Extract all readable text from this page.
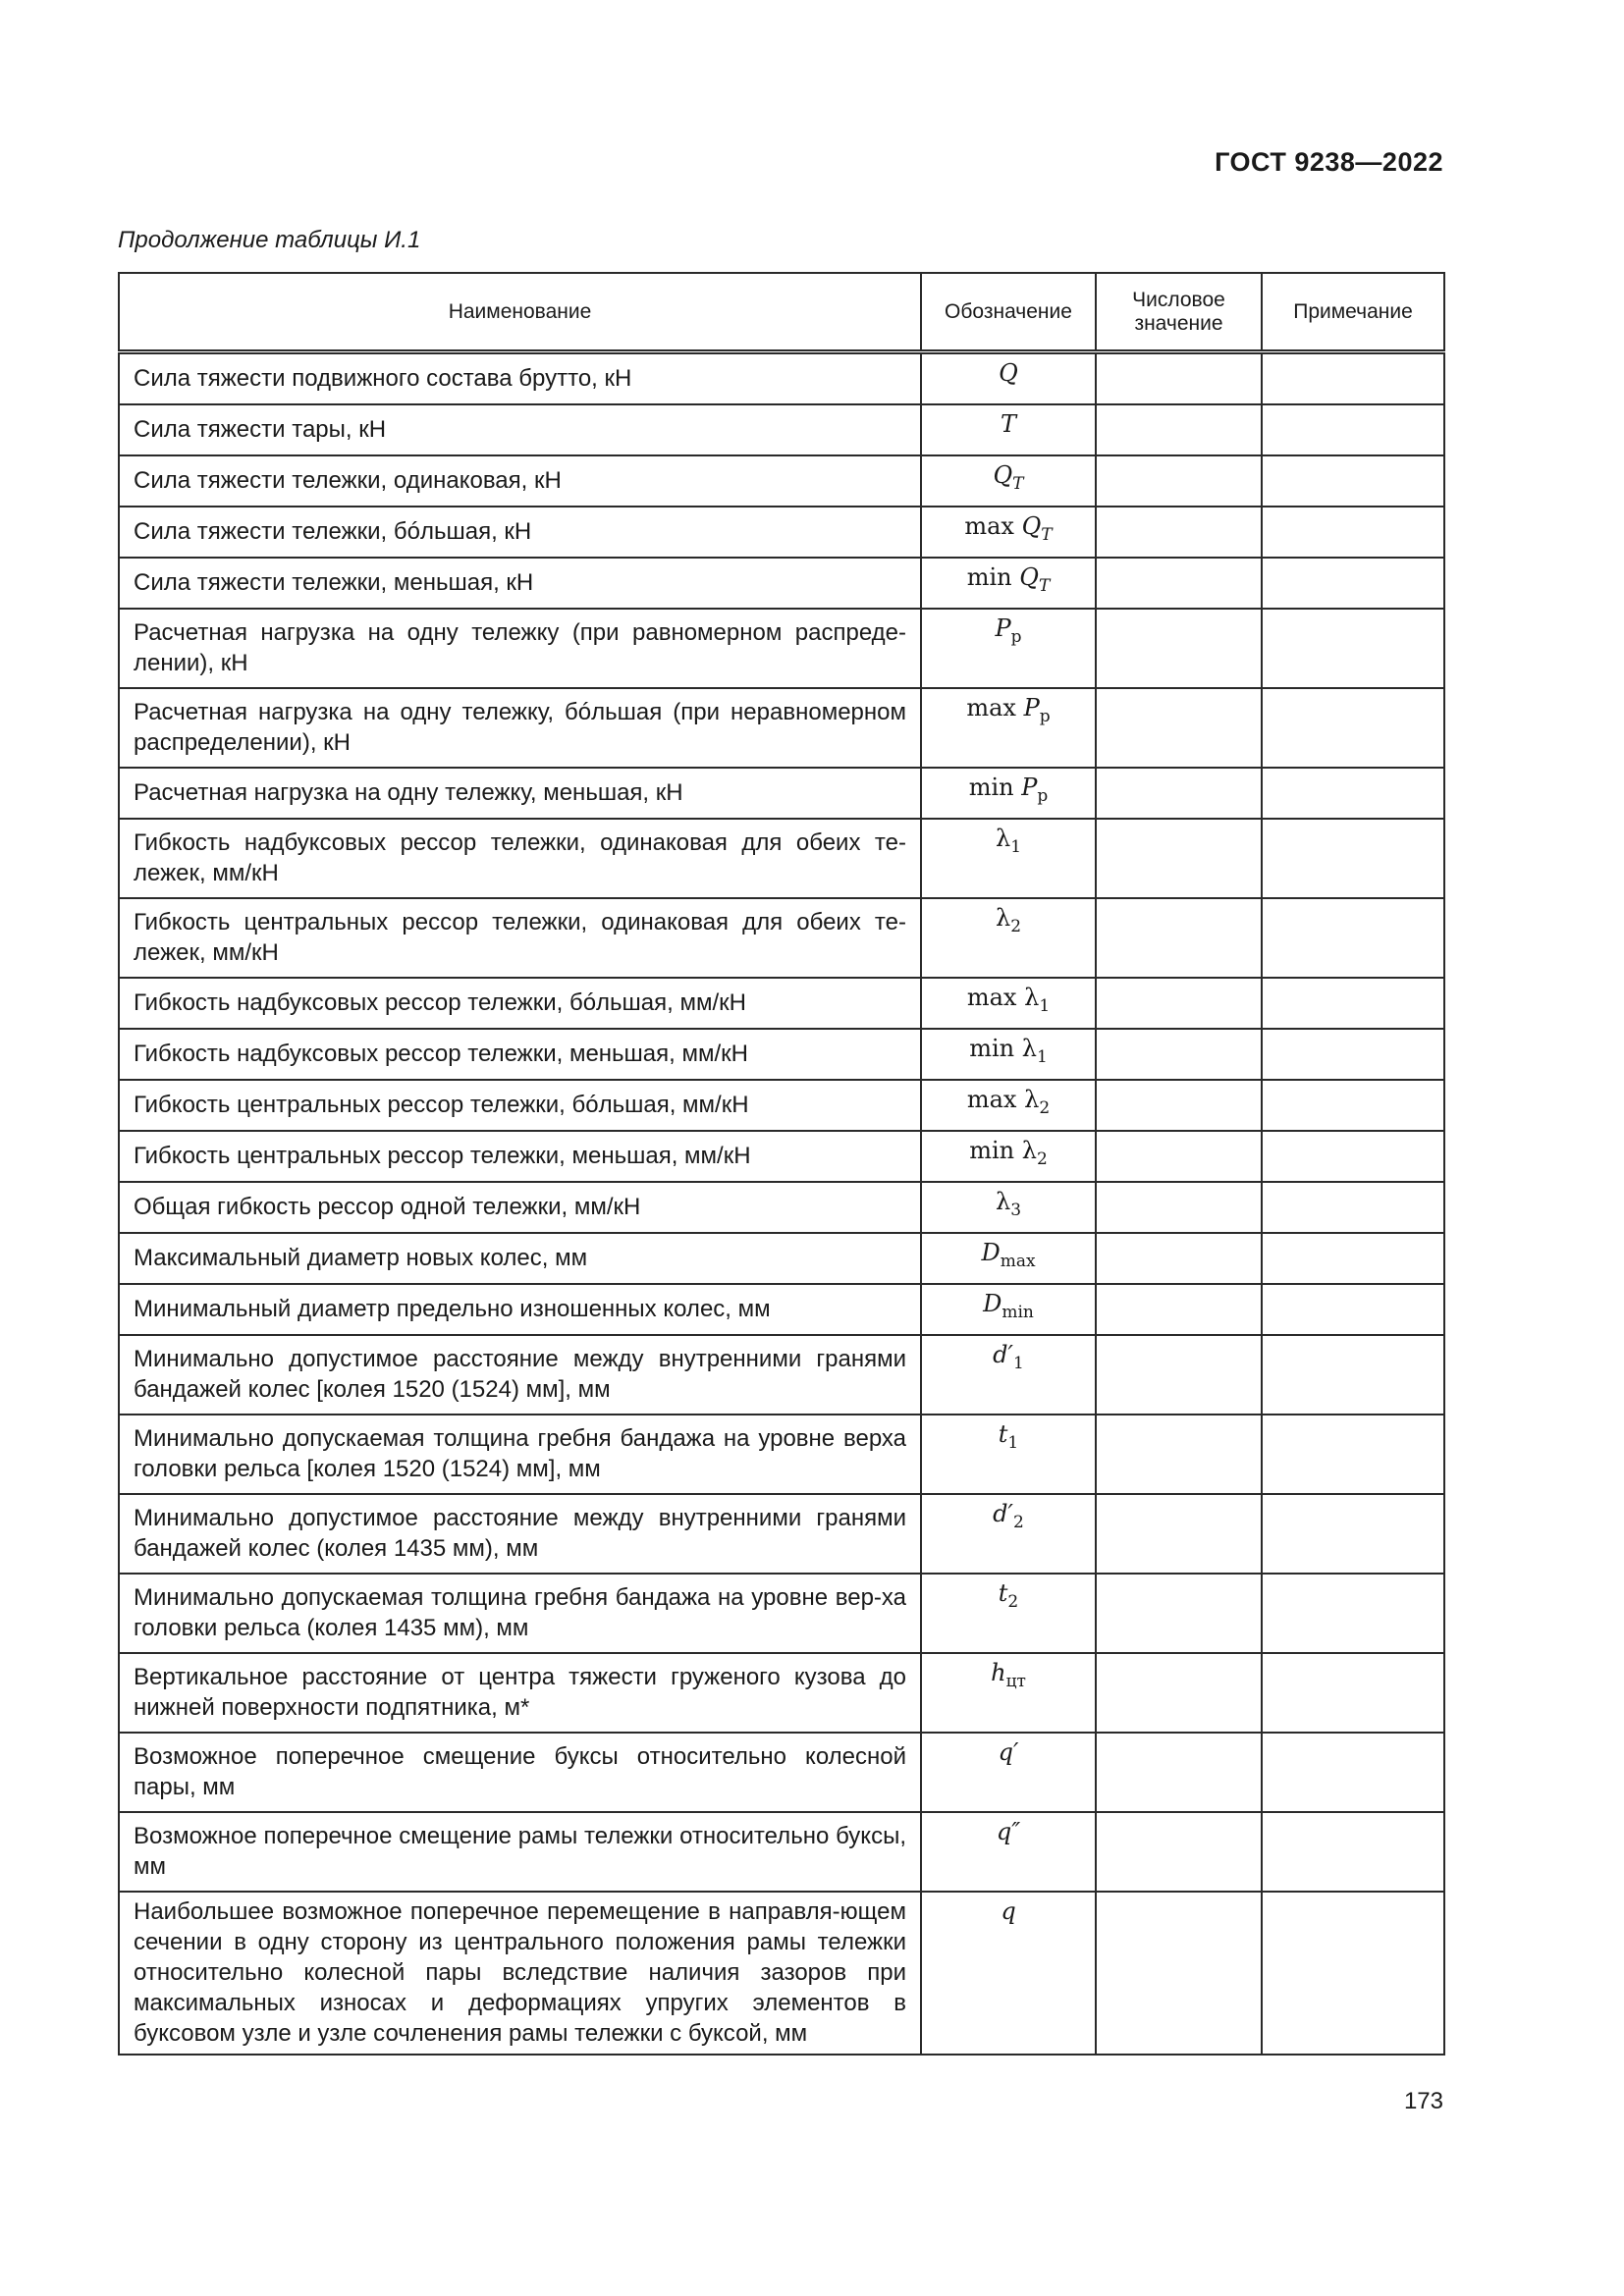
ГОСТ 9238—2022
Продолжение таблицы И.1
Наименование	Обозначение	Числовое значение	Примечание
Сила тяжести подвижного состава брутто, кН	Q		
Сила тяжести тары, кН	T		
Сила тяжести тележки, одинаковая, кН	$Q_T$		
Сила тяжести тележки, бóльшая, кН	$\max Q_T$		
Сила тяжести тележки, меньшая, кН	$\min Q_T$		
Расчетная нагрузка на одну тележку (при равномерном распреде-лении), кН	$P_р$		
Расчетная нагрузка на одну тележку, бóльшая (при неравномерном распределении), кН	$\max P_р$		
Расчетная нагрузка на одну тележку, меньшая, кН	$\min P_р$		
Гибкость надбуксовых рессор тележки, одинаковая для обеих те-лежек, мм/кН	$\lambda_1$		
Гибкость центральных рессор тележки, одинаковая для обеих те-лежек, мм/кН	$\lambda_2$		
Гибкость надбуксовых рессор тележки, бóльшая, мм/кН	$\max \lambda_1$		
Гибкость надбуксовых рессор тележки, меньшая, мм/кН	$\min \lambda_1$		
Гибкость центральных рессор тележки, бóльшая, мм/кН	$\max \lambda_2$		
Гибкость центральных рессор тележки, меньшая, мм/кН	$\min \lambda_2$		
Общая гибкость рессор одной тележки, мм/кН	$\lambda_3$		
Максимальный диаметр новых колес, мм	$D_{max}$		
Минимальный диаметр предельно изношенных колес, мм	$D_{min}$		
Минимально допустимое расстояние между внутренними гранями бандажей колес [колея 1520 (1524) мм], мм	$d'_1$		
Минимально допускаемая толщина гребня бандажа на уровне верха головки рельса [колея 1520 (1524) мм], мм	$t_1$		
Минимально допустимое расстояние между внутренними гранями бандажей колес (колея 1435 мм), мм	$d'_2$		
Минимально допускаемая толщина гребня бандажа на уровне вер-ха головки рельса (колея 1435 мм), мм	$t_2$		
Вертикальное расстояние от центра тяжести груженого кузова до нижней поверхности подпятника, м*	$h_{цт}$		
Возможное поперечное смещение буксы относительно колесной пары, мм	q′		
Возможное поперечное смещение рамы тележки относительно буксы, мм	q″		
Наибольшее возможное поперечное перемещение в направля-ющем сечении в одну сторону из центрального положения рамы тележки относительно колесной пары вследствие наличия зазоров при максимальных износах и деформациях упругих элементов в буксовом узле и узле сочленения рамы тележки с буксой, мм	q		
173
